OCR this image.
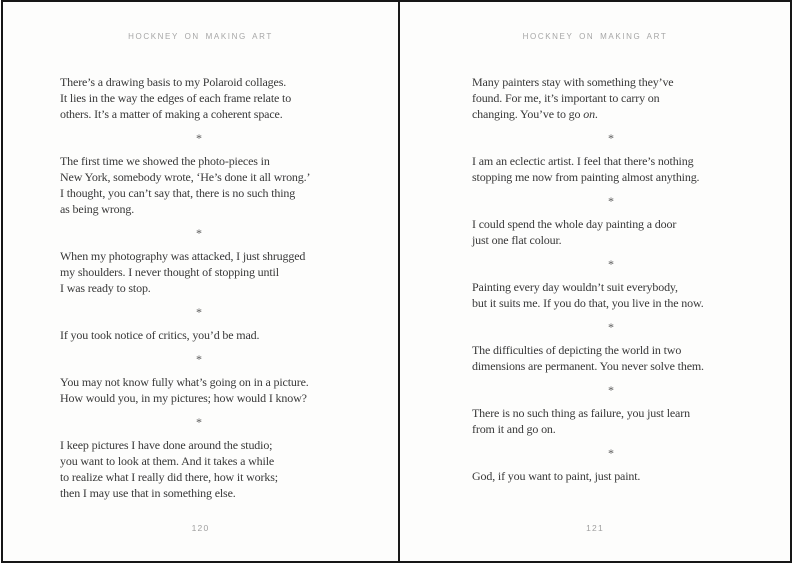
HOCKNEY ON MAKING ART
There’s a drawing basis to my Polaroid collages.
It lies in the way the edges of each frame relate to
others. It’s a matter of making a coherent space.
*
The first time we showed the photo-pieces in
New York, somebody wrote, ‘He’s done it all wrong.’
I thought, you can’t say that, there is no such thing
as being wrong.
*
When my photography was attacked, I just shrugged
my shoulders. I never thought of stopping until
I was ready to stop.
*
If you took notice of critics, you’d be mad.
*
You may not know fully what’s going on in a picture.
How would you, in my pictures; how would I know?
*
I keep pictures I have done around the studio;
you want to look at them. And it takes a while
to realize what I really did there, how it works;
then I may use that in something else.
120
HOCKNEY ON MAKING ART
Many painters stay with something they’ve
found. For me, it’s important to carry on
changing. You’ve to go on.
*
I am an eclectic artist. I feel that there’s nothing
stopping me now from painting almost anything.
*
I could spend the whole day painting a door
just one flat colour.
*
Painting every day wouldn’t suit everybody,
but it suits me. If you do that, you live in the now.
*
The difficulties of depicting the world in two
dimensions are permanent. You never solve them.
*
There is no such thing as failure, you just learn
from it and go on.
*
God, if you want to paint, just paint.
121
